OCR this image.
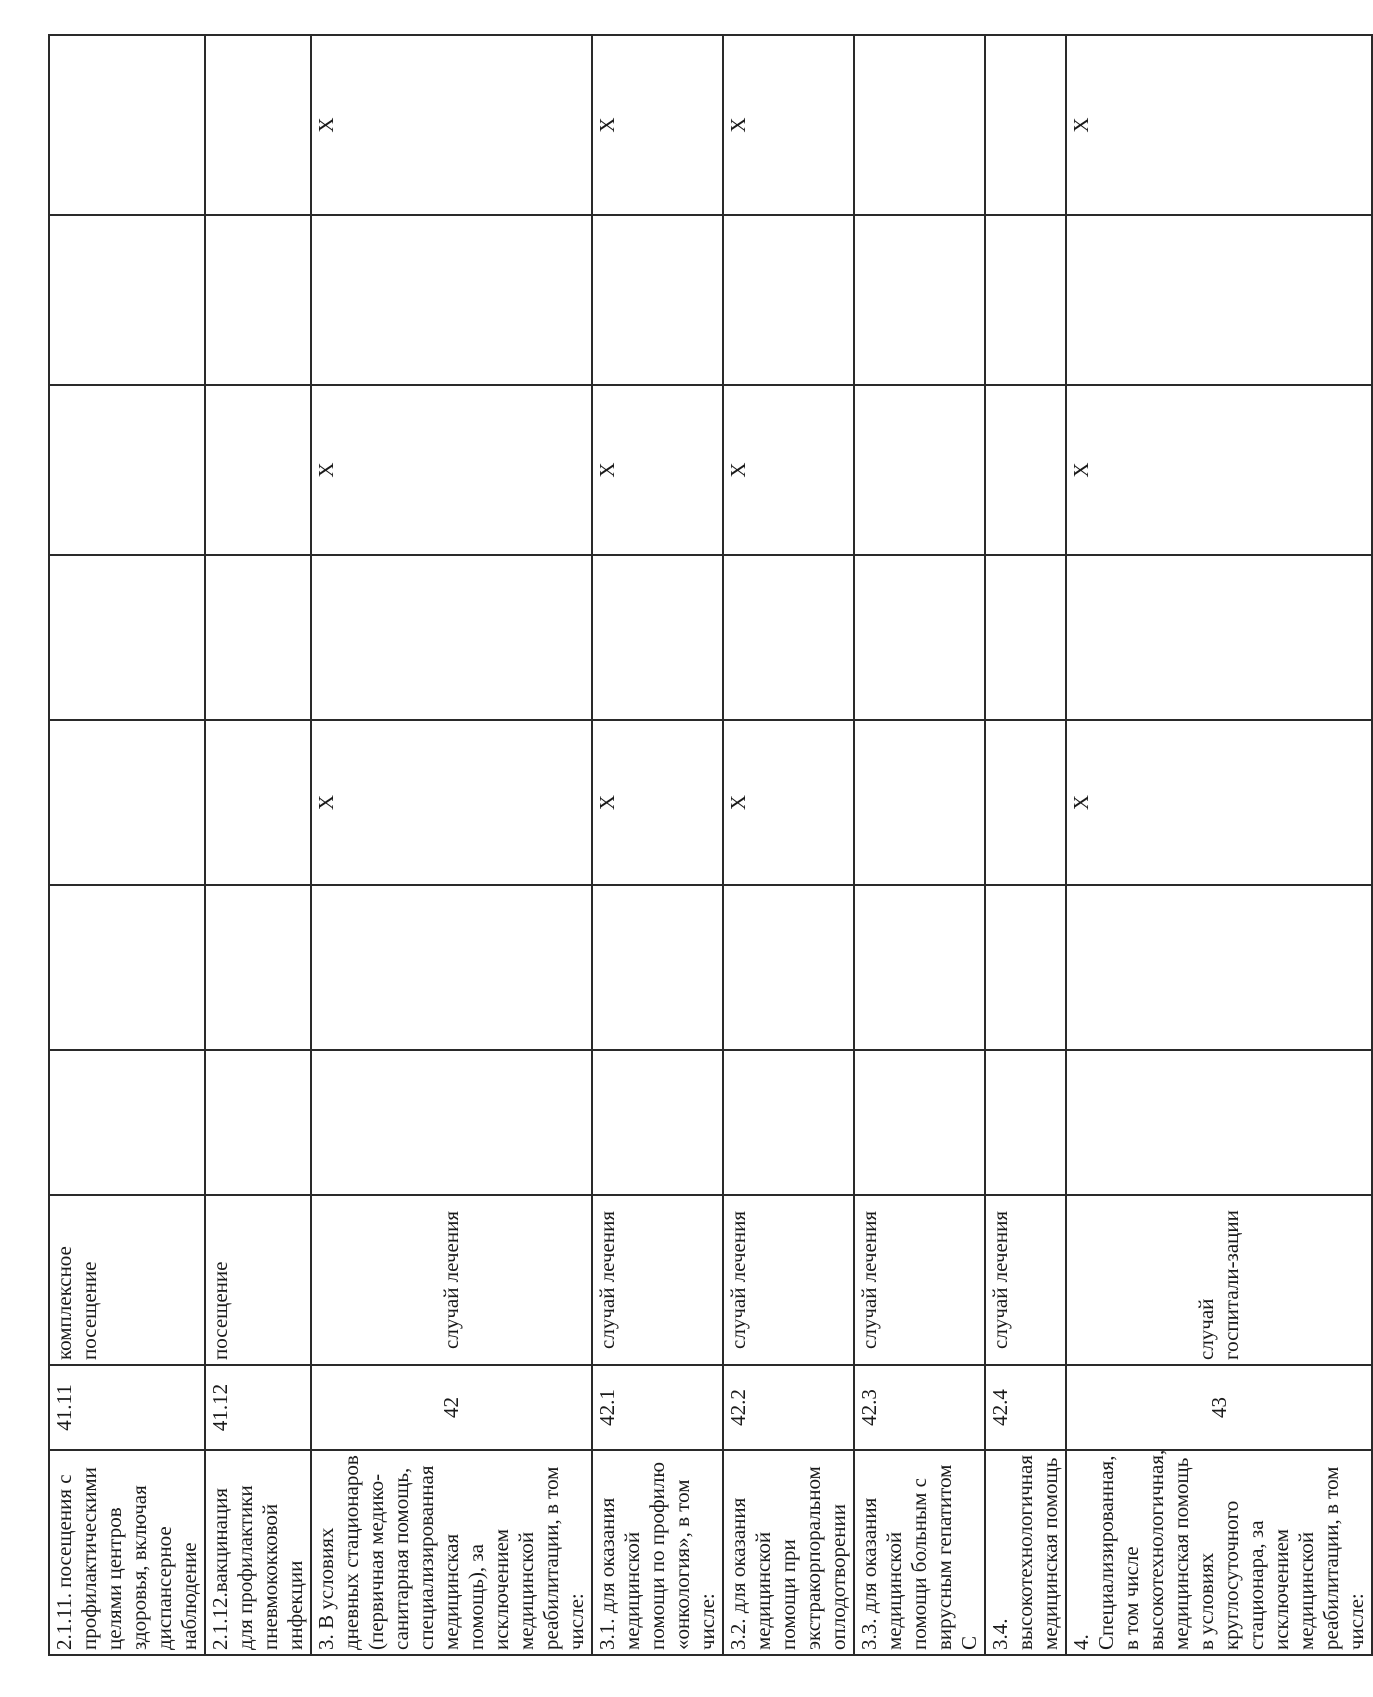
2.1.11. посещения с профилактическими целями центров здоровья, включая диспансерное наблюдение	41.11	комплексное посещение							
2.1.12.вакцинация для профилактики пневмококковой инфекции	41.12	посещение							
3. В условиях дневных стационаров (первичная медико-санитарная помощь, специализированная медицинская помощь), за исключением медицинской реабилитации, в том числе:	42	случай лечения			X		X		X
3.1. для оказания медицинской помощи по профилю «онкология», в том числе:	42.1	случай лечения			X		X		X
3.2. для оказания медицинской помощи при экстракорпоральном оплодотворении	42.2	случай лечения			X		X		X
3.3. для оказания медицинской помощи больным с вирусным гепатитом С	42.3	случай лечения							
3.4. высокотехнологичная медицинская помощь	42.4	случай лечения							
4. Специализированная, в том числе высокотехнологичная, медицинская помощь в условиях круглосуточного стационара, за исключением медицинской реабилитации, в том числе:	43	случай госпитали-зации			X		X		X
